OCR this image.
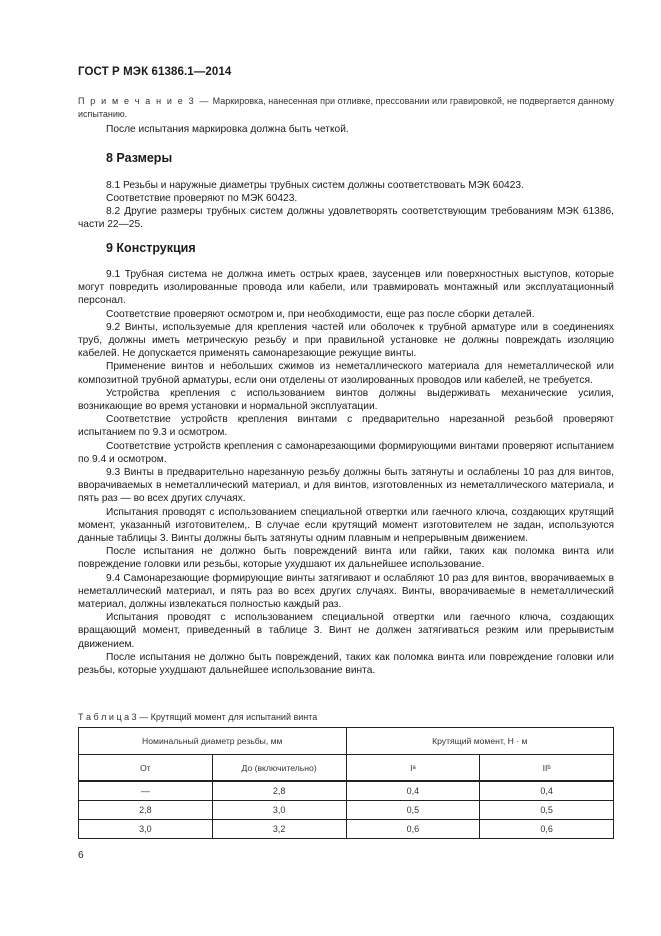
ГОСТ Р МЭК 61386.1—2014
П р и м е ч а н и е 3 — Маркировка, нанесенная при отливке, прессовании или гравировкой, не подвергается данному испытанию.
После испытания маркировка должна быть четкой.
8 Размеры
8.1 Резьбы и наружные диаметры трубных систем должны соответствовать МЭК 60423.
Соответствие проверяют по МЭК 60423.
8.2 Другие размеры трубных систем должны удовлетворять соответствующим требованиям МЭК 61386, части 22—25.
9 Конструкция
9.1 Трубная система не должна иметь острых краев, заусенцев или поверхностных выступов, которые могут повредить изолированные провода или кабели, или травмировать монтажный или эксплуатационный персонал.
Соответствие проверяют осмотром и, при необходимости, еще раз после сборки деталей.
9.2 Винты, используемые для крепления частей или оболочек к трубной арматуре или в соединениях труб, должны иметь метрическую резьбу и при правильной установке не должны повреждать изоляцию кабелей. Не допускается применять самонарезающие режущие винты.
Применение винтов и небольших сжимов из неметаллического материала для неметаллической или композитной трубной арматуры, если они отделены от изолированных проводов или кабелей, не требуется.
Устройства крепления с использованием винтов должны выдерживать механические усилия, возникающие во время установки и нормальной эксплуатации.
Соответствие устройств крепления винтами с предварительно нарезанной резьбой проверяют испытанием по 9.3 и осмотром.
Соответствие устройств крепления с самонарезающими формирующими винтами проверяют испытанием по 9.4 и осмотром.
9.3 Винты в предварительно нарезанную резьбу должны быть затянуты и ослаблены 10 раз для винтов, вворачиваемых в неметаллический материал, и для винтов, изготовленных из неметаллического материала, и пять раз — во всех других случаях.
Испытания проводят с использованием специальной отвертки или гаечного ключа, создающих крутящий момент, указанный изготовителем,. В случае если крутящий момент изготовителем не задан, используются данные таблицы 3. Винты должны быть затянуты одним плавным и непрерывным движением.
После испытания не должно быть повреждений винта или гайки, таких как поломка винта или повреждение головки или резьбы, которые ухудшают их дальнейшее использование.
9.4 Самонарезающие формирующие винты затягивают и ослабляют 10 раз для винтов, вворачиваемых в неметаллический материал, и пять раз во всех других случаях. Винты, вворачиваемые в неметаллический материал, должны извлекаться полностью каждый раз.
Испытания проводят с использованием специальной отвертки или гаечного ключа, создающих вращающий момент, приведенный в таблице 3. Винт не должен затягиваться резким или прерывистым движением.
После испытания не должно быть повреждений, таких как поломка винта или повреждение головки или резьбы, которые ухудшают дальнейшее использование винта.
Т а б л и ц а 3 — Крутящий момент для испытаний винта
Номинальный диаметр резьбы, мм		Крутящий момент, Н · м	
От	До (включительно)	Iᵃ	IIᵇ
—	2,8	0,4	0,4
2,8	3,0	0,5	0,5
3,0	3,2	0,6	0,6
6
